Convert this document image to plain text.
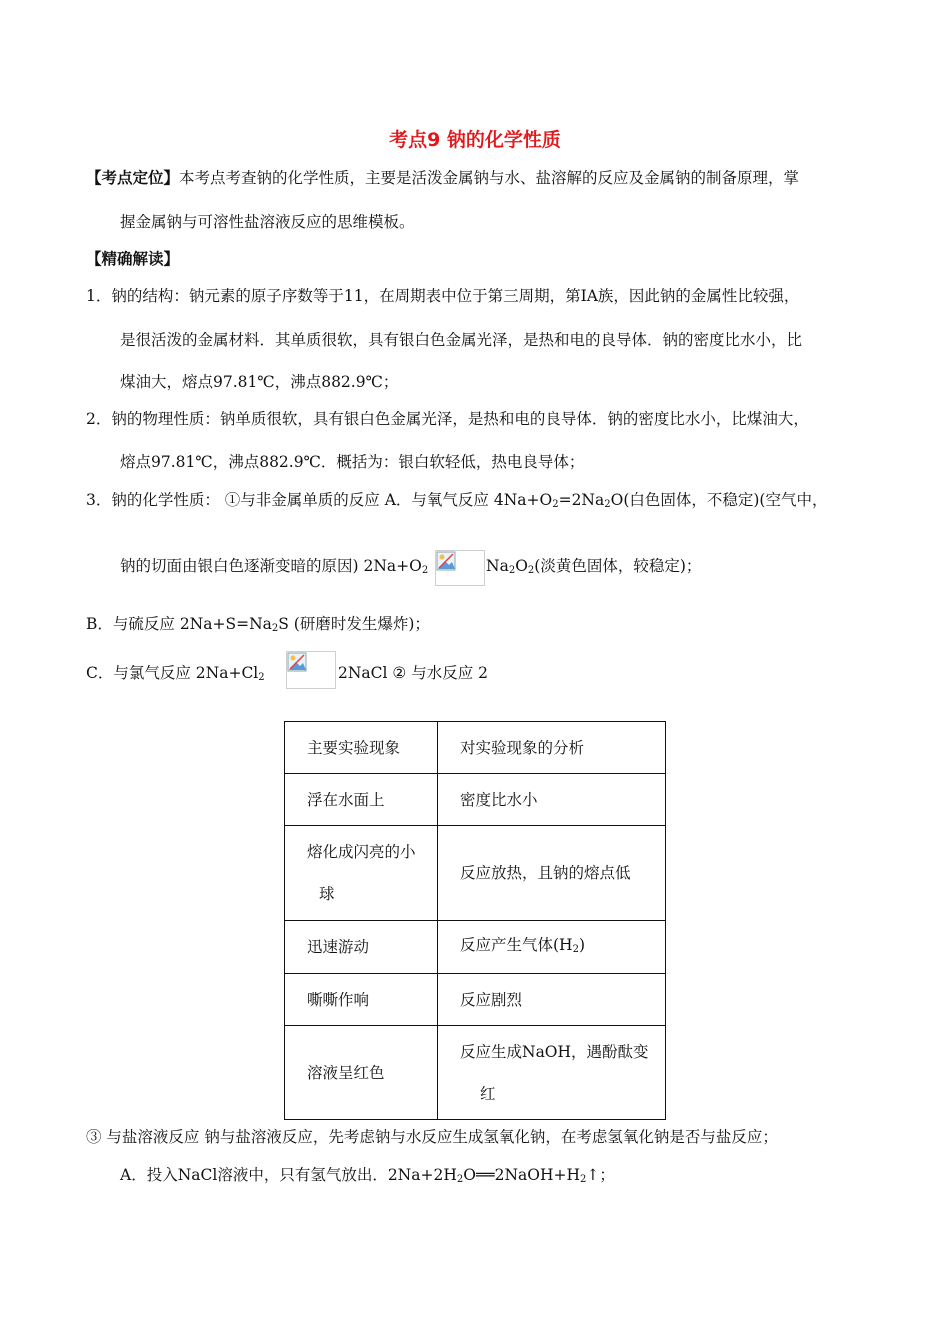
考点9 钠的化学性质
【考点定位】本考点考查钠的化学性质，主要是活泼金属钠与水、盐溶解的反应及金属钠的制备原理，掌
握金属钠与可溶性盐溶液反应的思维模板。
【精确解读】
1．钠的结构：钠元素的原子序数等于11，在周期表中位于第三周期，第ⅠA族，因此钠的金属性比较强，
是很活泼的金属材料．其单质很软，具有银白色金属光泽，是热和电的良导体．钠的密度比水小，比
煤油大，熔点97.81℃，沸点882.9℃；
2．钠的物理性质：钠单质很软，具有银白色金属光泽，是热和电的良导体．钠的密度比水小，比煤油大，
熔点97.81℃，沸点882.9℃．概括为：银白软轻低，热电良导体；
3．钠的化学性质： ①与非金属单质的反应 A．与氧气反应 $4Na+O_2=2Na_2O$(白色固体，不稳定)(空气中，
钠的切面由银白色逐渐变暗的原因) $2Na+O_2$	$Na_2O_2$(淡黄色固体，较稳定)；
B．与硫反应 $2Na+S=Na_2S$ (研磨时发生爆炸)；
C．与氯气反应 $2Na+Cl_2$	2NaCl ② 与水反应 2
主要实验现象	对实验现象的分析
浮在水面上	密度比水小

熔化成闪亮的小
球	反应放热，且钠的熔点低
迅速游动	反应产生气体$(H_2)$
嘶嘶作响	反应剧烈
溶液呈红色	反应生成NaOH，遇酚酞变
红
③ 与盐溶液反应 钠与盐溶液反应，先考虑钠与水反应生成氢氧化钠，在考虑氢氧化钠是否与盐反应；
A．投入NaCl溶液中，只有氢气放出．$2Na+2H_2O══2NaOH+H_2↑$；
